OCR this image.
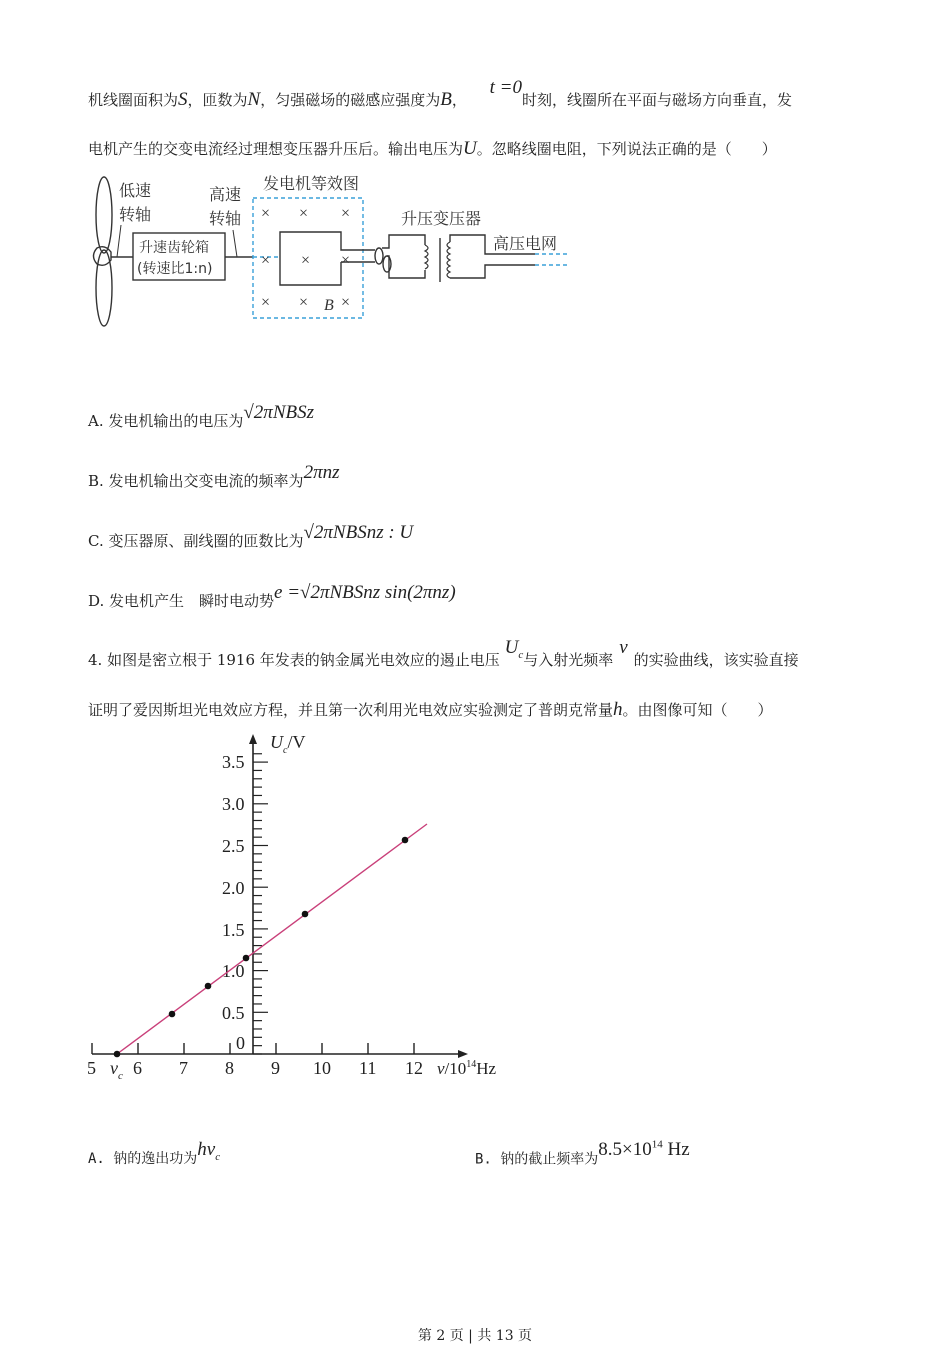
机线圈面积为S，匝数为N，匀强磁场的磁感应强度为B， t =0时刻，线圈所在平面与磁场方向垂直，发
电机产生的交变电流经过理想变压器升压后。输出电压为U。忽略线圈电阻，下列说法正确的是（　　）
低速
转轴
升速齿轮箱
(转速比1:n)
高速
转轴
发电机等效图
× × ×
× × ×
× × ×
B
升压变压器
高压电网
A. 发电机输出的电压为√2πNBSz
B. 发电机输出交变电流的频率为2πnz
C. 变压器原、副线圈的匝数比为√2πNBSnz : U
D. 发电机产生　瞬时电动势e =√2πNBSnz sin(2πnz)
4. 如图是密立根于 1916 年发表的钠金属光电效应的遏止电压 $U_c$与入射光频率ν的实验曲线，该实验直接
证明了爱因斯坦光电效应方程，并且第一次利用光电效应实验测定了普朗克常量h。由图像可知（　　）
5 6 7 8 9 10 11 12
0
0.5
1.0
1.5
2.0
2.5
3.0
3.5
$\nu_c$	$\nu/10^{14}Hz$
$U_c/V$
A. 钠的逸出功为$h\nu_c$	B. 钠的截止频率为$8.5\times 10^{14}$ Hz
第 2 页 | 共 13 页
